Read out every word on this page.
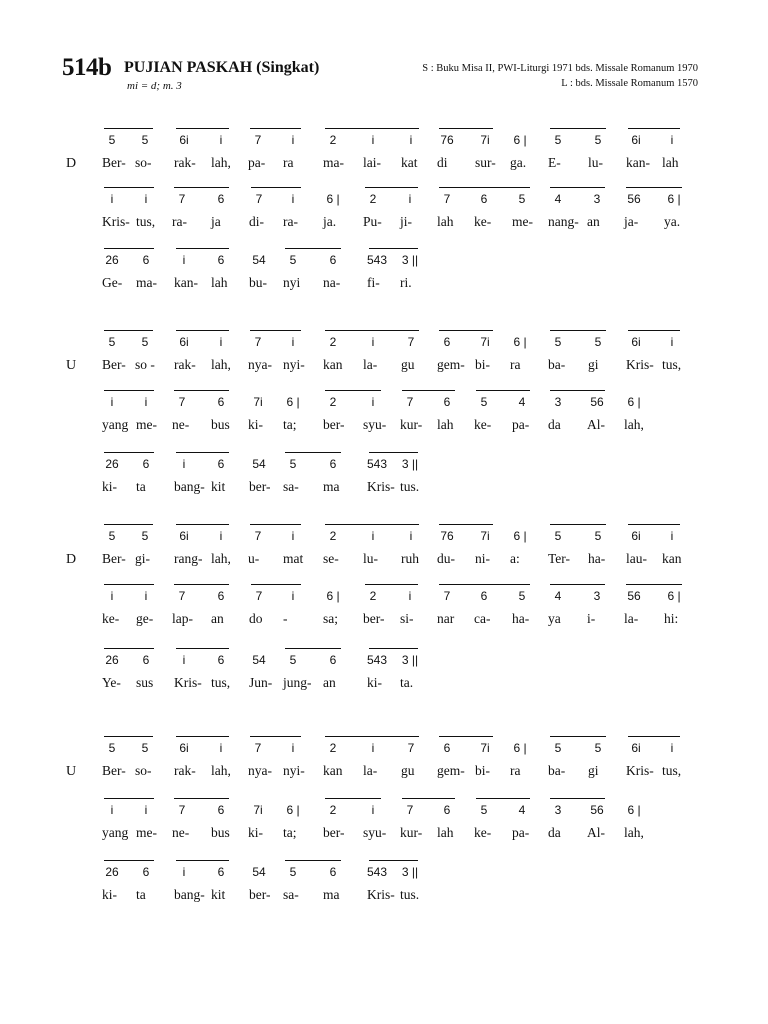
514b PUJIAN PASKAH (Singkat)
mi = d; m. 3
S : Buku Misa II, PWI-Liturgi 1971 bds. Missale Romanum 1970
L : bds. Missale Romanum 1570
D
5	5	6i	i	7	i	2	i	i	76	7i	6 |	5	5	6i	i
Ber- so- rak- lah, pa- ra ma- lai- kat di sur- ga. E- lu- kan- lah
i	i	7	6	7	i	6 |	2	i	7	6	5	4	3	56	6 |
Kris- tus, ra- ja di- ra- ja. Pu- ji- lah ke- me- nang- an ja- ya.
26	6	i	6	54	5	6	543	3 ||
Ge- ma- kan- lah bu- nyi na- fi- ri.
U
5	5	6i	i	7	i	2	i	7	6	7i	6 |	5	5	6i	i
Ber- so - rak- lah, nya- nyi- kan la- gu gem- bi- ra ba- gi Kris- tus,
i	i	7	6	7i	6 |	2	i	7	6	5	4	3	56	6 |
yang me- ne- bus ki- ta; ber- syu- kur- lah ke- pa- da Al- lah,
26	6	i	6	54	5	6	543	3 ||
ki- ta bang- kit ber- sa- ma Kris- tus.
D
5	5	6i	i	7	i	2	i	i	76	7i	6 |	5	5	6i	i
Ber- gi- rang- lah, u- mat se- lu- ruh du- ni- a: Ter- ha- lau- kan
i	i	7	6	7	i	6 |	2	i	7	6	5	4	3	56	6 |
ke- ge- lap- an do -	sa; ber- si- nar ca- ha- ya i- la- hi:
26	6	i	6	54	5	6	543	3 ||
Ye- sus Kris- tus, Jun- jung- an ki- ta.
U
5	5	6i	i	7	i	2	i	7	6	7i	6 |	5	5	6i	i
Ber- so- rak- lah, nya- nyi- kan la- gu gem- bi- ra ba- gi Kris- tus,
i	i	7	6	7i	6 |	2	i	7	6	5	4	3	56	6 |
yang me- ne- bus ki- ta; ber- syu- kur- lah ke- pa- da Al- lah,
26	6	i	6	54	5	6	543	3 ||
ki- ta bang- kit ber- sa- ma Kris- tus.
